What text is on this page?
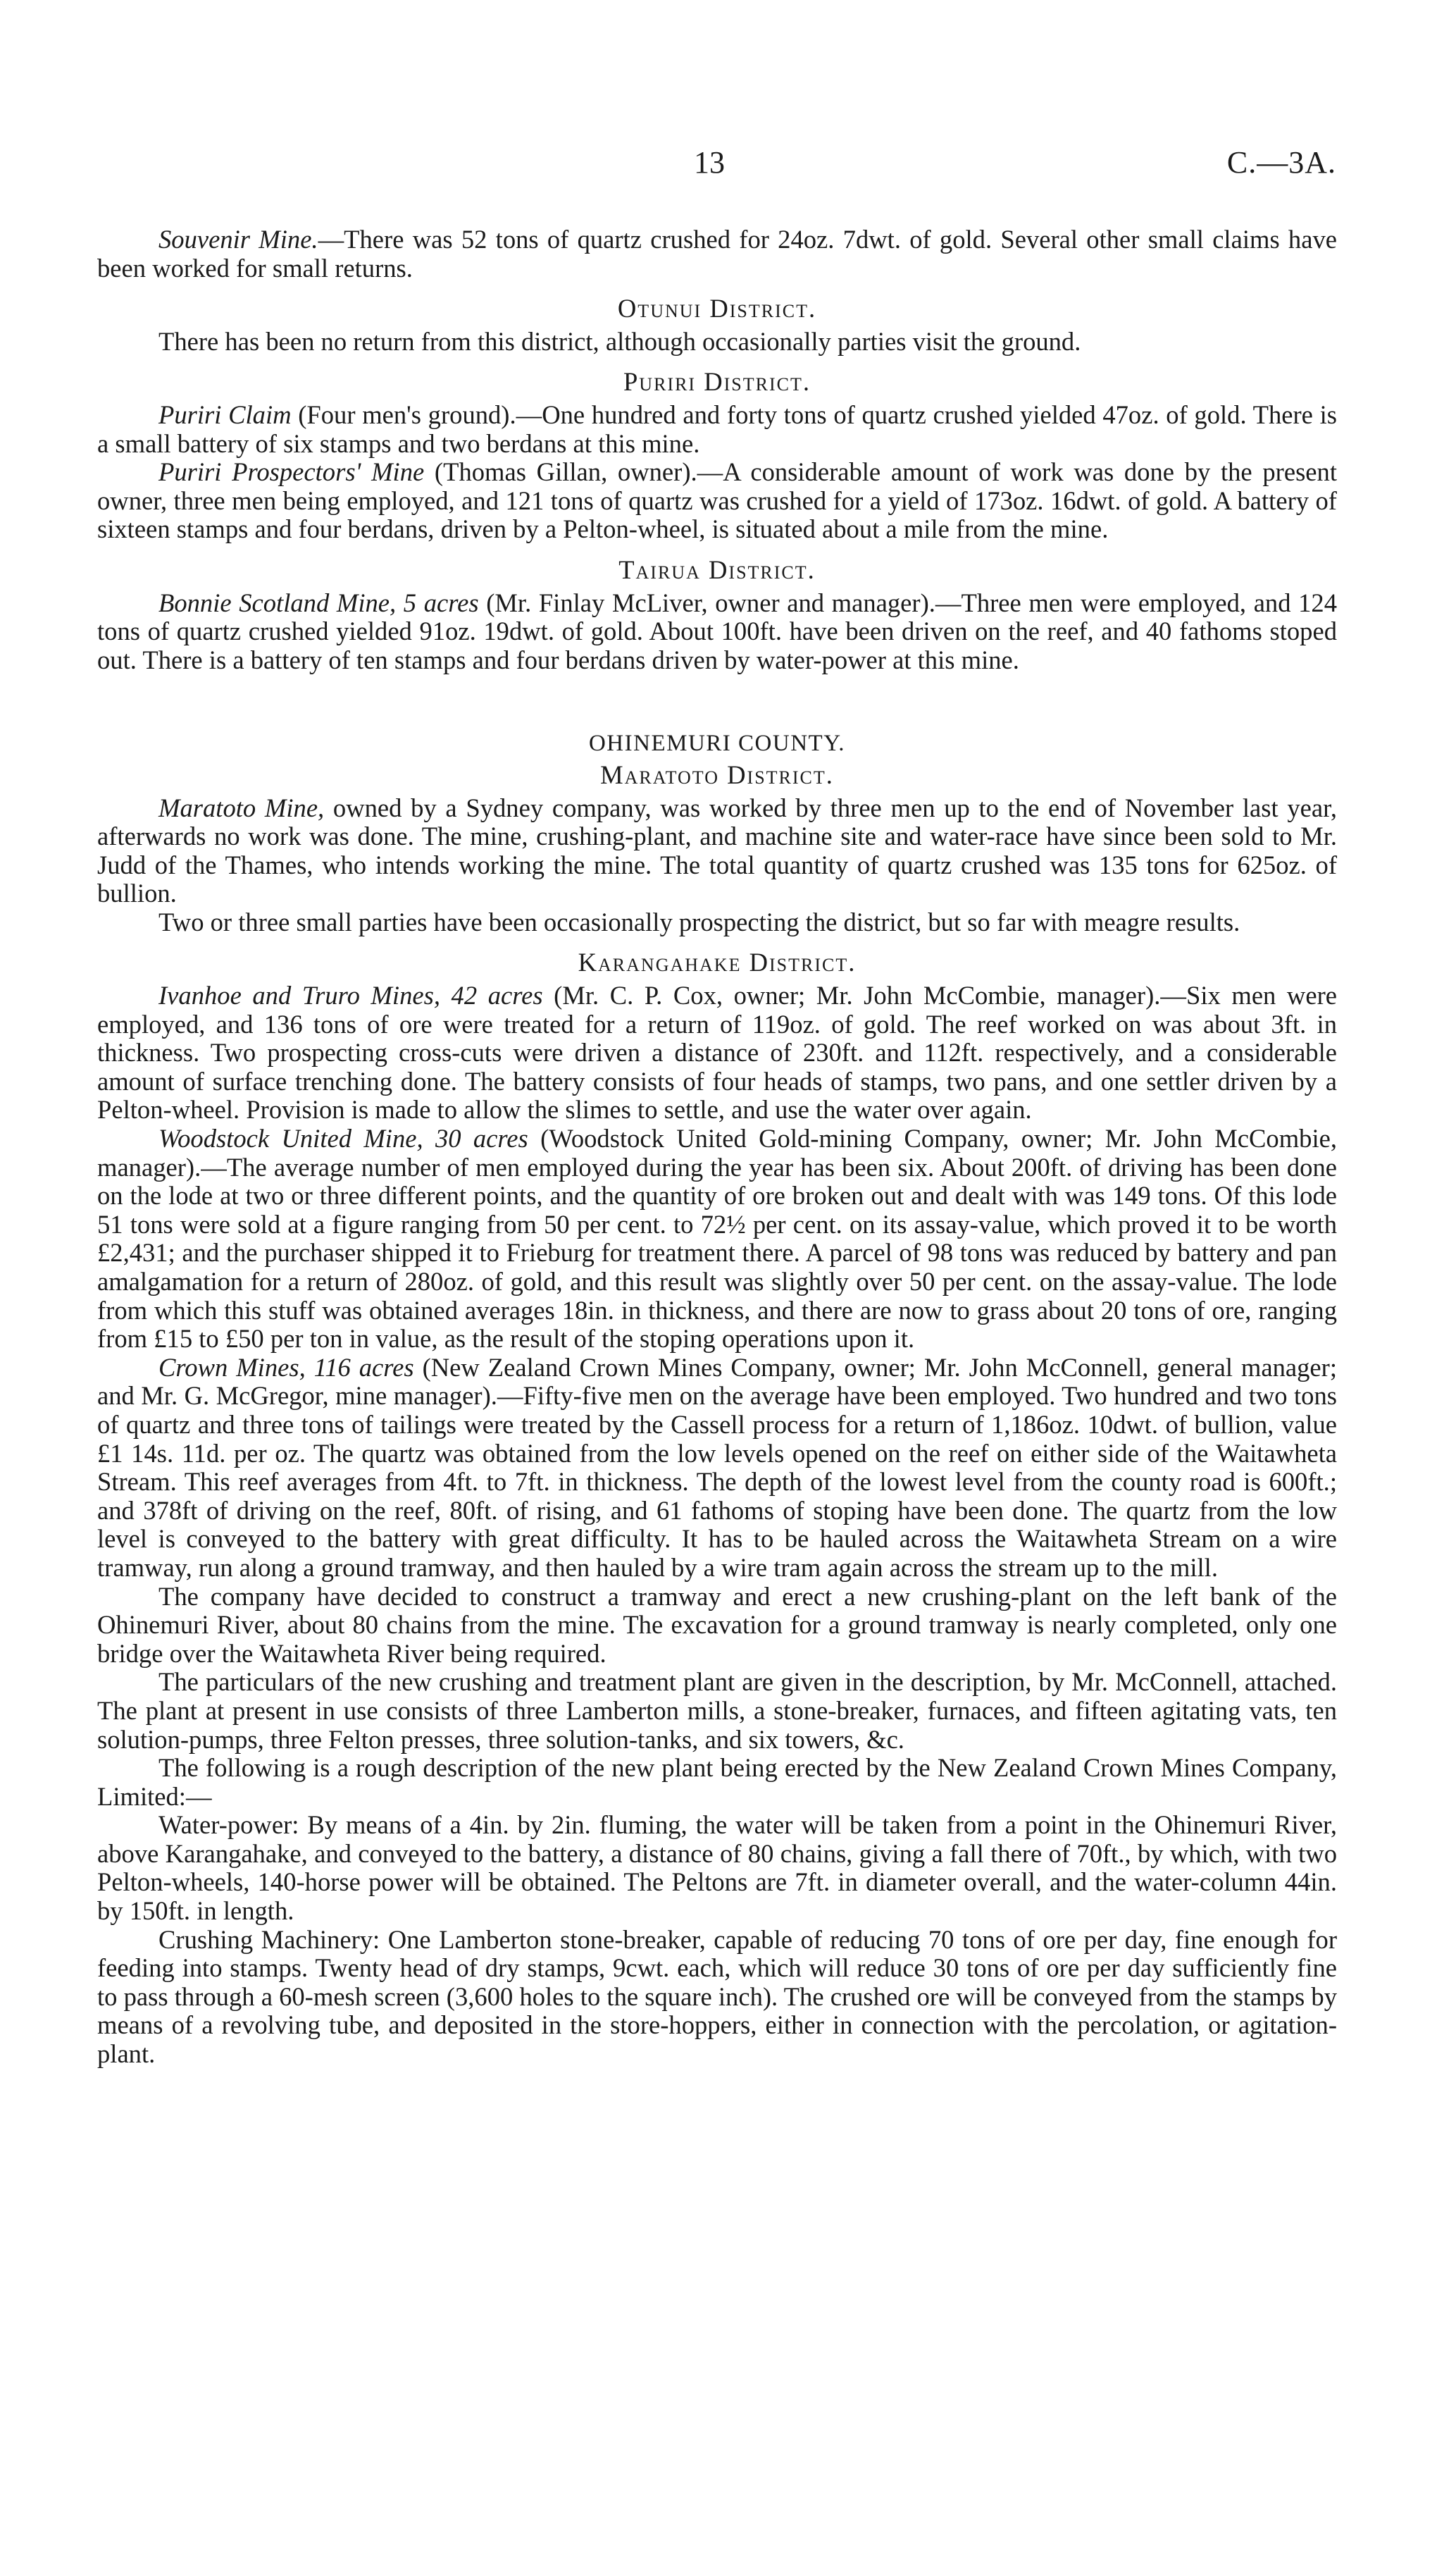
13	C.—3A.

Souvenir Mine.—There was 52 tons of quartz crushed for 24oz. 7dwt. of gold. Several other small claims have been worked for small returns.

Otunui District.

There has been no return from this district, although occasionally parties visit the ground.

Puriri District.

Puriri Claim (Four men's ground).—One hundred and forty tons of quartz crushed yielded 47oz. of gold. There is a small battery of six stamps and two berdans at this mine.

Puriri Prospectors' Mine (Thomas Gillan, owner).—A considerable amount of work was done by the present owner, three men being employed, and 121 tons of quartz was crushed for a yield of 173oz. 16dwt. of gold. A battery of sixteen stamps and four berdans, driven by a Pelton-wheel, is situated about a mile from the mine.

Tairua District.

Bonnie Scotland Mine, 5 acres (Mr. Finlay McLiver, owner and manager).—Three men were employed, and 124 tons of quartz crushed yielded 91oz. 19dwt. of gold. About 100ft. have been driven on the reef, and 40 fathoms stoped out. There is a battery of ten stamps and four berdans driven by water-power at this mine.

OHINEMURI COUNTY.
Maratoto District.

Maratoto Mine, owned by a Sydney company, was worked by three men up to the end of November last year, afterwards no work was done. The mine, crushing-plant, and machine site and water-race have since been sold to Mr. Judd of the Thames, who intends working the mine. The total quantity of quartz crushed was 135 tons for 625oz. of bullion.

Two or three small parties have been occasionally prospecting the district, but so far with meagre results.

Karangahake District.

Ivanhoe and Truro Mines, 42 acres (Mr. C. P. Cox, owner; Mr. John McCombie, manager).—Six men were employed, and 136 tons of ore were treated for a return of 119oz. of gold. The reef worked on was about 3ft. in thickness. Two prospecting cross-cuts were driven a distance of 230ft. and 112ft. respectively, and a considerable amount of surface trenching done. The battery consists of four heads of stamps, two pans, and one settler driven by a Pelton-wheel. Provision is made to allow the slimes to settle, and use the water over again.

Woodstock United Mine, 30 acres (Woodstock United Gold-mining Company, owner; Mr. John McCombie, manager).—The average number of men employed during the year has been six. About 200ft. of driving has been done on the lode at two or three different points, and the quantity of ore broken out and dealt with was 149 tons. Of this lode 51 tons were sold at a figure ranging from 50 per cent. to 72½ per cent. on its assay-value, which proved it to be worth £2,431; and the purchaser shipped it to Frieburg for treatment there. A parcel of 98 tons was reduced by battery and pan amalgamation for a return of 280oz. of gold, and this result was slightly over 50 per cent. on the assay-value. The lode from which this stuff was obtained averages 18in. in thickness, and there are now to grass about 20 tons of ore, ranging from £15 to £50 per ton in value, as the result of the stoping operations upon it.

Crown Mines, 116 acres (New Zealand Crown Mines Company, owner; Mr. John McConnell, general manager; and Mr. G. McGregor, mine manager).—Fifty-five men on the average have been employed. Two hundred and two tons of quartz and three tons of tailings were treated by the Cassell process for a return of 1,186oz. 10dwt. of bullion, value £1 14s. 11d. per oz. The quartz was obtained from the low levels opened on the reef on either side of the Waitawheta Stream. This reef averages from 4ft. to 7ft. in thickness. The depth of the lowest level from the county road is 600ft.; and 378ft of driving on the reef, 80ft. of rising, and 61 fathoms of stoping have been done. The quartz from the low level is conveyed to the battery with great difficulty. It has to be hauled across the Waitawheta Stream on a wire tramway, run along a ground tramway, and then hauled by a wire tram again across the stream up to the mill.

The company have decided to construct a tramway and erect a new crushing-plant on the left bank of the Ohinemuri River, about 80 chains from the mine. The excavation for a ground tramway is nearly completed, only one bridge over the Waitawheta River being required.

The particulars of the new crushing and treatment plant are given in the description, by Mr. McConnell, attached. The plant at present in use consists of three Lamberton mills, a stone-breaker, furnaces, and fifteen agitating vats, ten solution-pumps, three Felton presses, three solution-tanks, and six towers, &c.

The following is a rough description of the new plant being erected by the New Zealand Crown Mines Company, Limited:—

Water-power: By means of a 4in. by 2in. fluming, the water will be taken from a point in the Ohinemuri River, above Karangahake, and conveyed to the battery, a distance of 80 chains, giving a fall there of 70ft., by which, with two Pelton-wheels, 140-horse power will be obtained. The Peltons are 7ft. in diameter overall, and the water-column 44in. by 150ft. in length.

Crushing Machinery: One Lamberton stone-breaker, capable of reducing 70 tons of ore per day, fine enough for feeding into stamps. Twenty head of dry stamps, 9cwt. each, which will reduce 30 tons of ore per day sufficiently fine to pass through a 60-mesh screen (3,600 holes to the square inch). The crushed ore will be conveyed from the stamps by means of a revolving tube, and deposited in the store-hoppers, either in connection with the percolation, or agitation-plant.
